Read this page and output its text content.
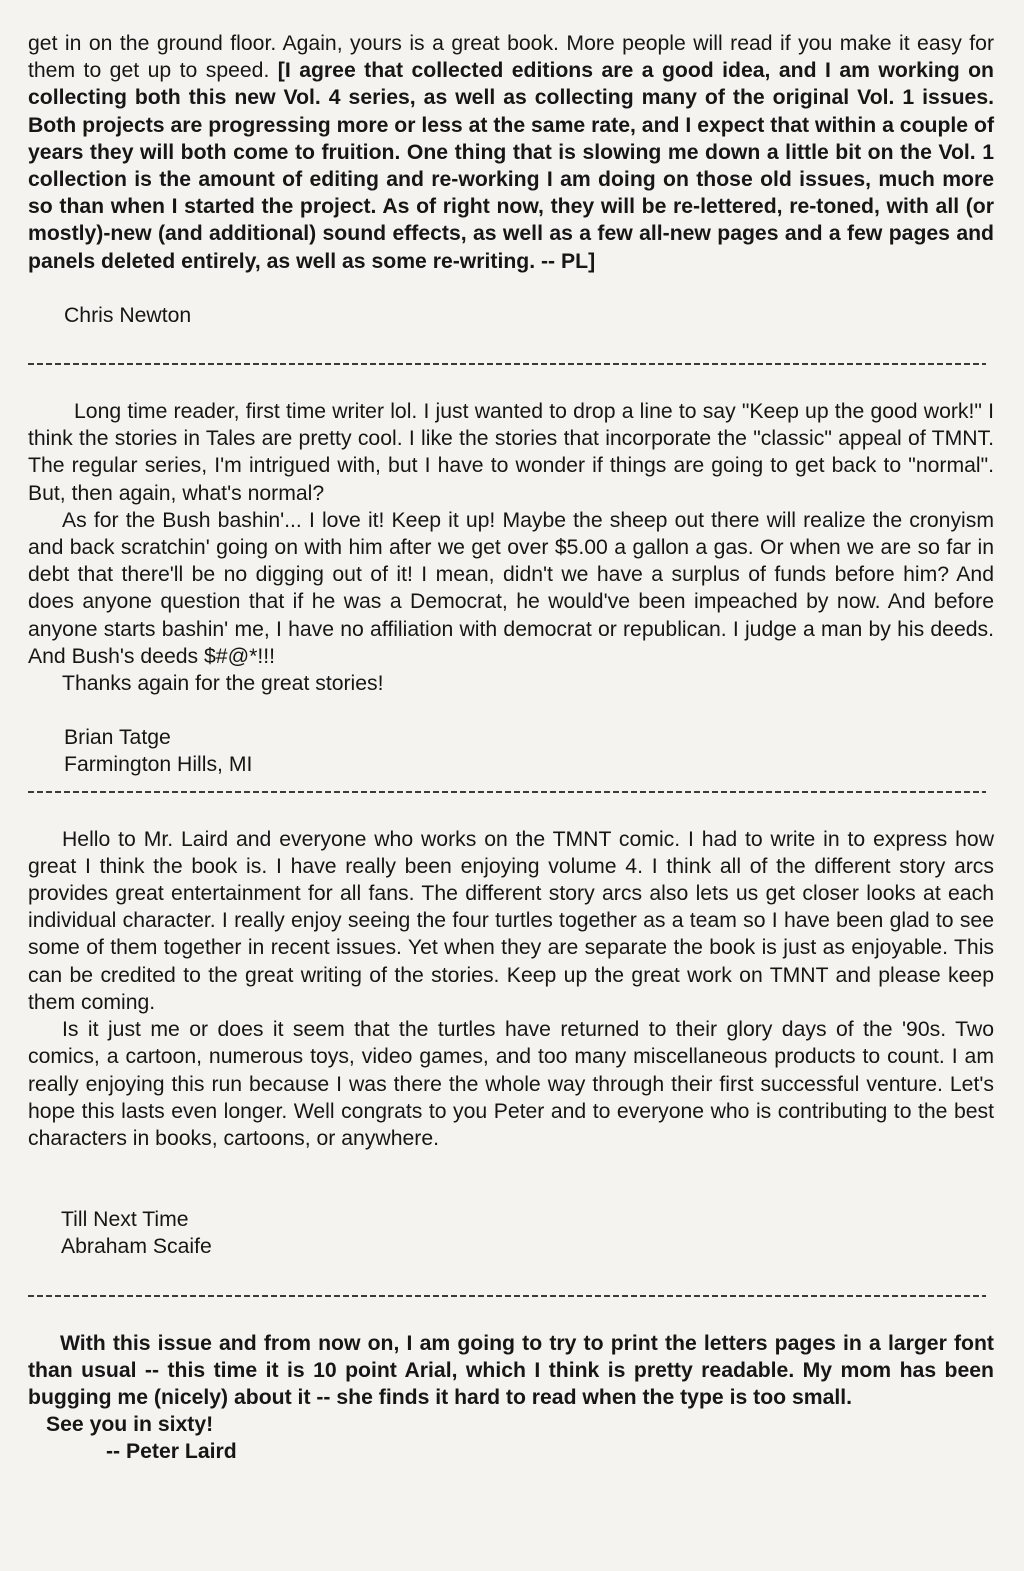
get in on the ground floor. Again, yours is a great book. More people will read if you make it easy for them to get up to speed. [I agree that collected editions are a good idea, and I am working on collecting both this new Vol. 4 series, as well as collecting many of the original Vol. 1 issues. Both projects are progressing more or less at the same rate, and I expect that within a couple of years they will both come to fruition. One thing that is slowing me down a little bit on the Vol. 1 collection is the amount of editing and re-working I am doing on those old issues, much more so than when I started the project. As of right now, they will be re-lettered, re-toned, with all (or mostly)-new (and additional) sound effects, as well as a few all-new pages and a few pages and panels deleted entirely, as well as some re-writing. -- PL]

Chris Newton

Long time reader, first time writer lol. I just wanted to drop a line to say "Keep up the good work!" I think the stories in Tales are pretty cool. I like the stories that incorporate the "classic" appeal of TMNT. The regular series, I'm intrigued with, but I have to wonder if things are going to get back to "normal". But, then again, what's normal?

As for the Bush bashin'... I love it! Keep it up! Maybe the sheep out there will realize the cronyism and back scratchin' going on with him after we get over $5.00 a gallon a gas. Or when we are so far in debt that there'll be no digging out of it! I mean, didn't we have a surplus of funds before him? And does anyone question that if he was a Democrat, he would've been impeached by now. And before anyone starts bashin' me, I have no affiliation with democrat or republican. I judge a man by his deeds. And Bush's deeds $#@*!!!

Thanks again for the great stories!

Brian Tatge

Farmington Hills, MI

Hello to Mr. Laird and everyone who works on the TMNT comic. I had to write in to express how great I think the book is. I have really been enjoying volume 4. I think all of the different story arcs provides great entertainment for all fans. The different story arcs also lets us get closer looks at each individual character. I really enjoy seeing the four turtles together as a team so I have been glad to see some of them together in recent issues. Yet when they are separate the book is just as enjoyable. This can be credited to the great writing of the stories. Keep up the great work on TMNT and please keep them coming.

Is it just me or does it seem that the turtles have returned to their glory days of the '90s. Two comics, a cartoon, numerous toys, video games, and too many miscellaneous products to count. I am really enjoying this run because I was there the whole way through their first successful venture. Let's hope this lasts even longer. Well congrats to you Peter and to everyone who is contributing to the best characters in books, cartoons, or anywhere.

Till Next Time

Abraham Scaife

With this issue and from now on, I am going to try to print the letters pages in a larger font than usual -- this time it is 10 point Arial, which I think is pretty readable. My mom has been bugging me (nicely) about it -- she finds it hard to read when the type is too small.

See you in sixty!

-- Peter Laird
